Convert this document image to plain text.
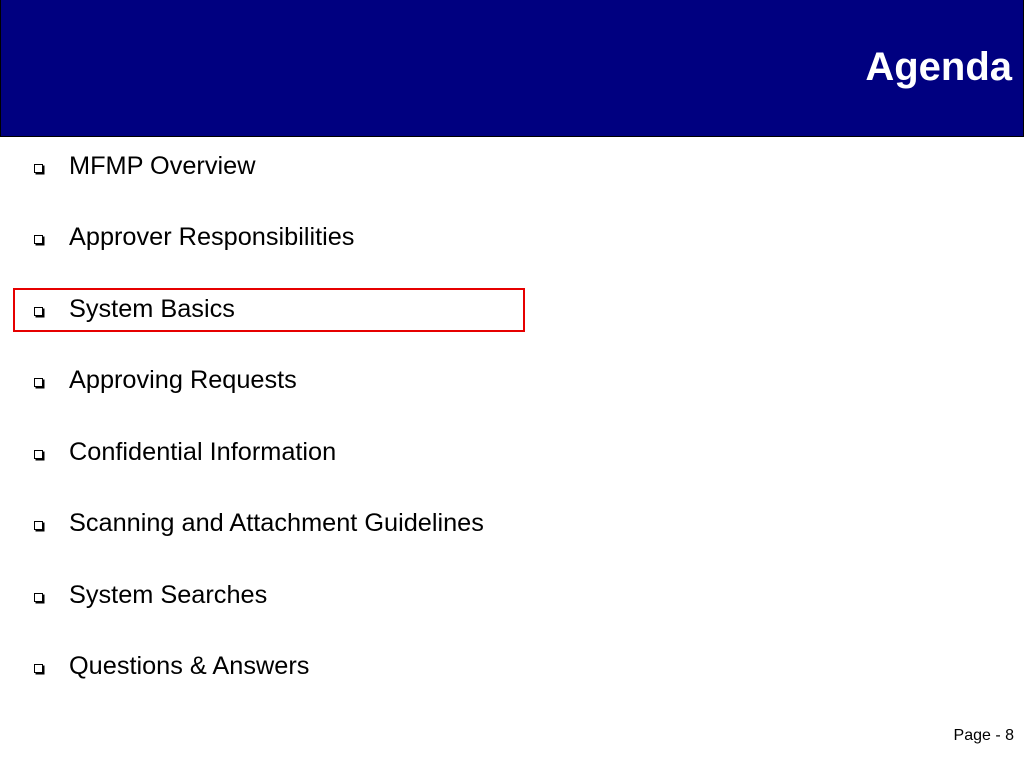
Agenda
MFMP Overview
Approver Responsibilities
System Basics
Approving Requests
Confidential Information
Scanning and Attachment Guidelines
System Searches
Questions & Answers
Page - 8
